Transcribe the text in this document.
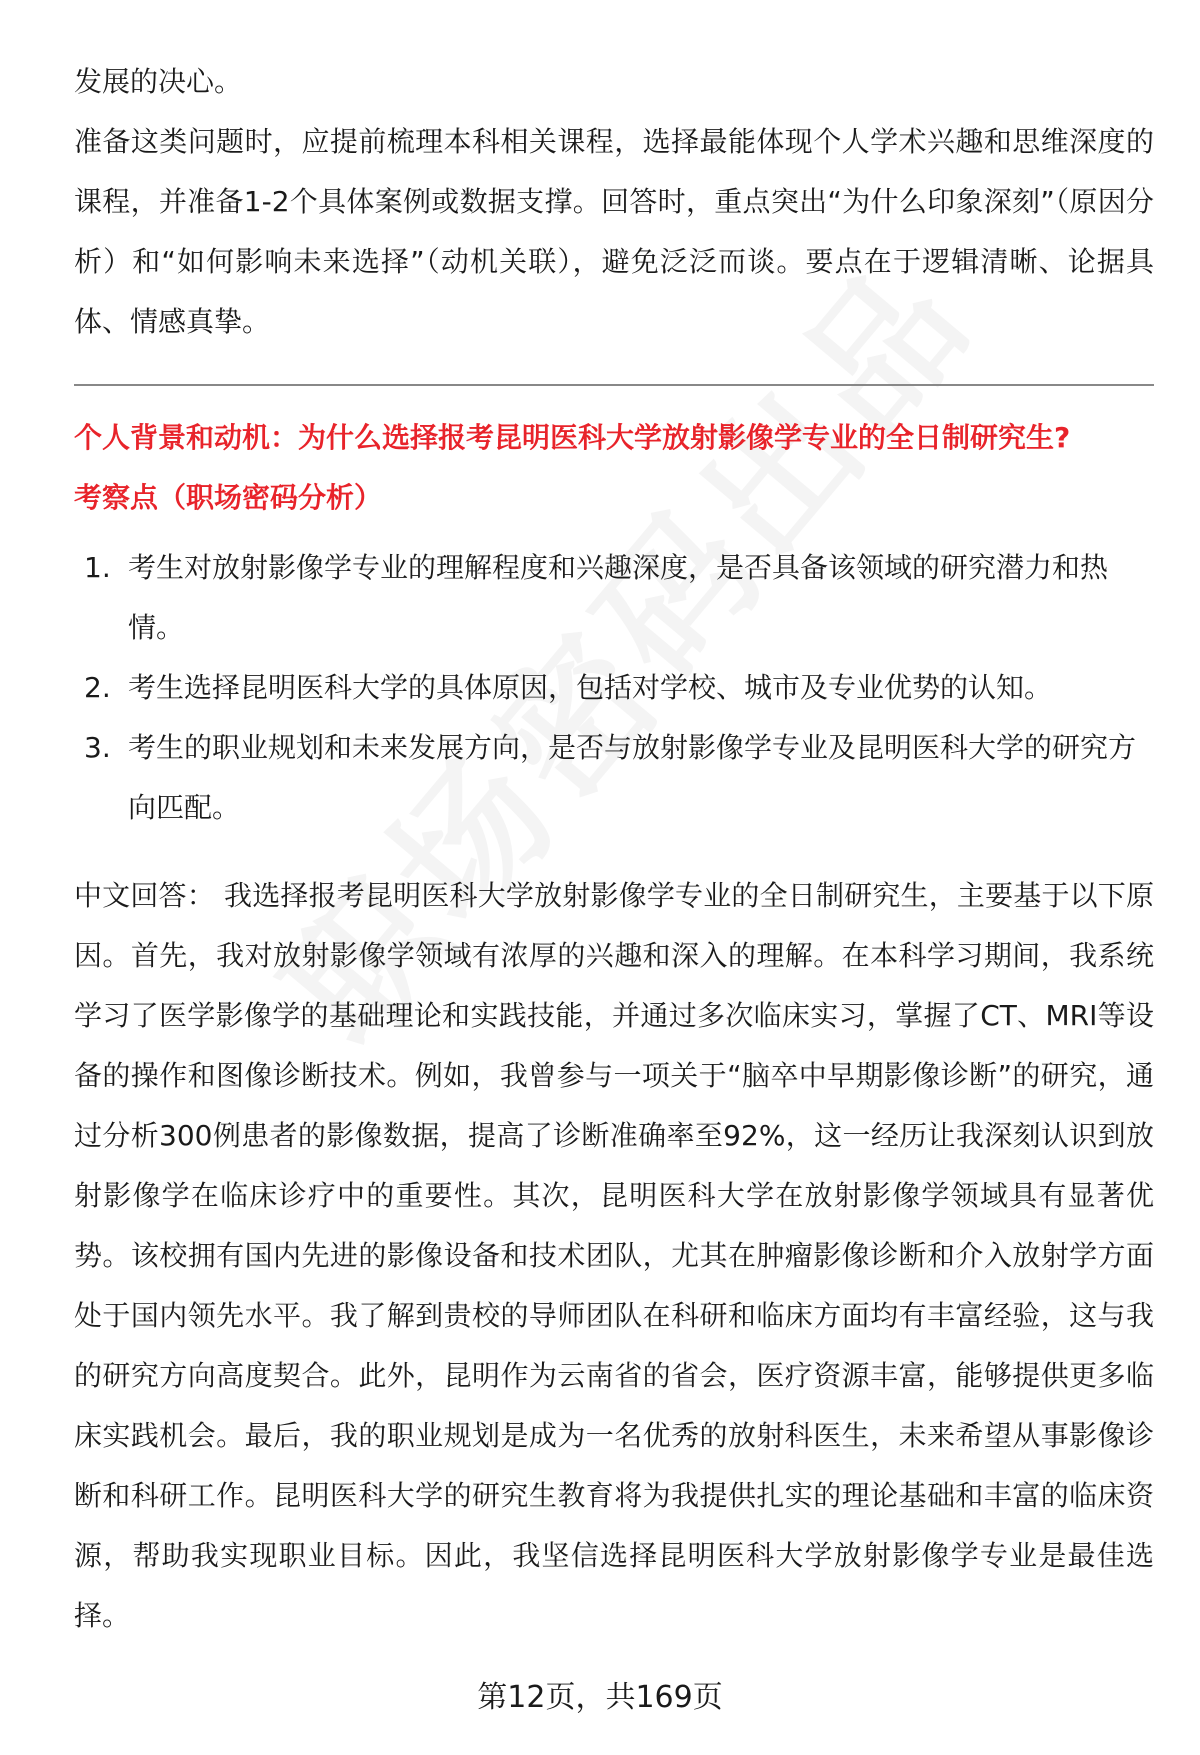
发展的决心。

准备这类问题时，应提前梳理本科相关课程，选择最能体现个人学术兴趣和思维深度的课程，并准备1-2个具体案例或数据支撑。回答时，重点突出“为什么印象深刻”（原因分析）和“如何影响未来选择”（动机关联），避免泛泛而谈。要点在于逻辑清晰、论据具体、情感真挚。

个人背景和动机：为什么选择报考昆明医科大学放射影像学专业的全日制研究生?

考察点（职场密码分析）

1. 考生对放射影像学专业的理解程度和兴趣深度，是否具备该领域的研究潜力和热情。
2. 考生选择昆明医科大学的具体原因，包括对学校、城市及专业优势的认知。
3. 考生的职业规划和未来发展方向，是否与放射影像学专业及昆明医科大学的研究方向匹配。

中文回答： 我选择报考昆明医科大学放射影像学专业的全日制研究生，主要基于以下原因。首先，我对放射影像学领域有浓厚的兴趣和深入的理解。在本科学习期间，我系统学习了医学影像学的基础理论和实践技能，并通过多次临床实习，掌握了CT、MRI等设备的操作和图像诊断技术。例如，我曾参与一项关于“脑卒中早期影像诊断”的研究，通过分析300例患者的影像数据，提高了诊断准确率至92%，这一经历让我深刻认识到放射影像学在临床诊疗中的重要性。其次，昆明医科大学在放射影像学领域具有显著优势。该校拥有国内先进的影像设备和技术团队，尤其在肿瘤影像诊断和介入放射学方面处于国内领先水平。我了解到贵校的导师团队在科研和临床方面均有丰富经验，这与我的研究方向高度契合。此外，昆明作为云南省的省会，医疗资源丰富，能够提供更多临床实践机会。最后，我的职业规划是成为一名优秀的放射科医生，未来希望从事影像诊断和科研工作。昆明医科大学的研究生教育将为我提供扎实的理论基础和丰富的临床资源，帮助我实现职业目标。因此，我坚信选择昆明医科大学放射影像学专业是最佳选择。

第12页，共169页
